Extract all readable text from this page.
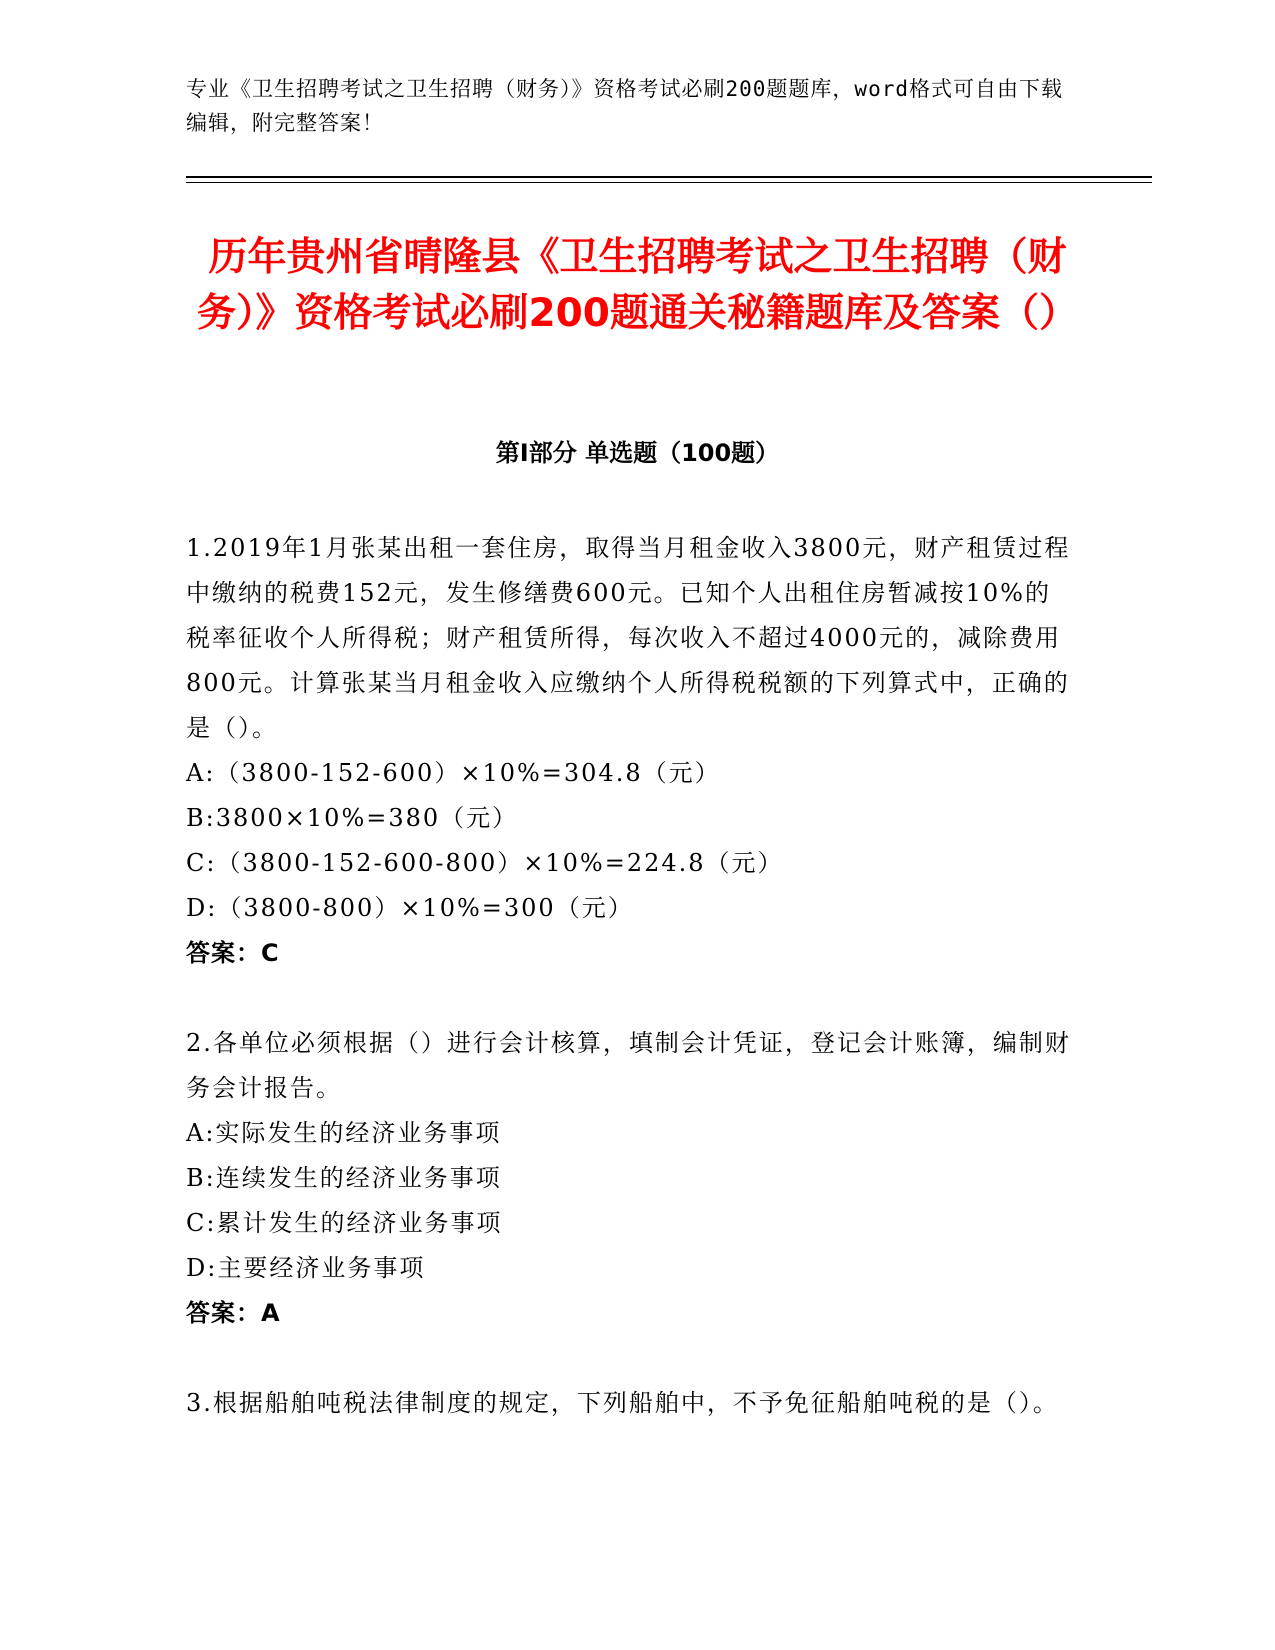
专业《卫生招聘考试之卫生招聘（财务）》资格考试必刷200题题库，word格式可自由下载编辑，附完整答案！
历年贵州省晴隆县《卫生招聘考试之卫生招聘（财务）》资格考试必刷200题通关秘籍题库及答案（）
第Ⅰ部分 单选题（100题）

1.2019年1月张某出租一套住房，取得当月租金收入3800元，财产租赁过程中缴纳的税费152元，发生修缮费600元。已知个人出租住房暂减按10%的税率征收个人所得税；财产租赁所得，每次收入不超过4000元的，减除费用800元。计算张某当月租金收入应缴纳个人所得税税额的下列算式中，正确的是（）。

A:（3800-152-600）×10%=304.8（元）

B:3800×10%=380（元）

C:（3800-152-600-800）×10%=224.8（元）

D:（3800-800）×10%=300（元）

答案：C

2.各单位必须根据（）进行会计核算，填制会计凭证，登记会计账簿，编制财务会计报告。

A:实际发生的经济业务事项

B:连续发生的经济业务事项

C:累计发生的经济业务事项

D:主要经济业务事项

答案：A

3.根据船舶吨税法律制度的规定，下列船舶中，不予免征船舶吨税的是（）。
